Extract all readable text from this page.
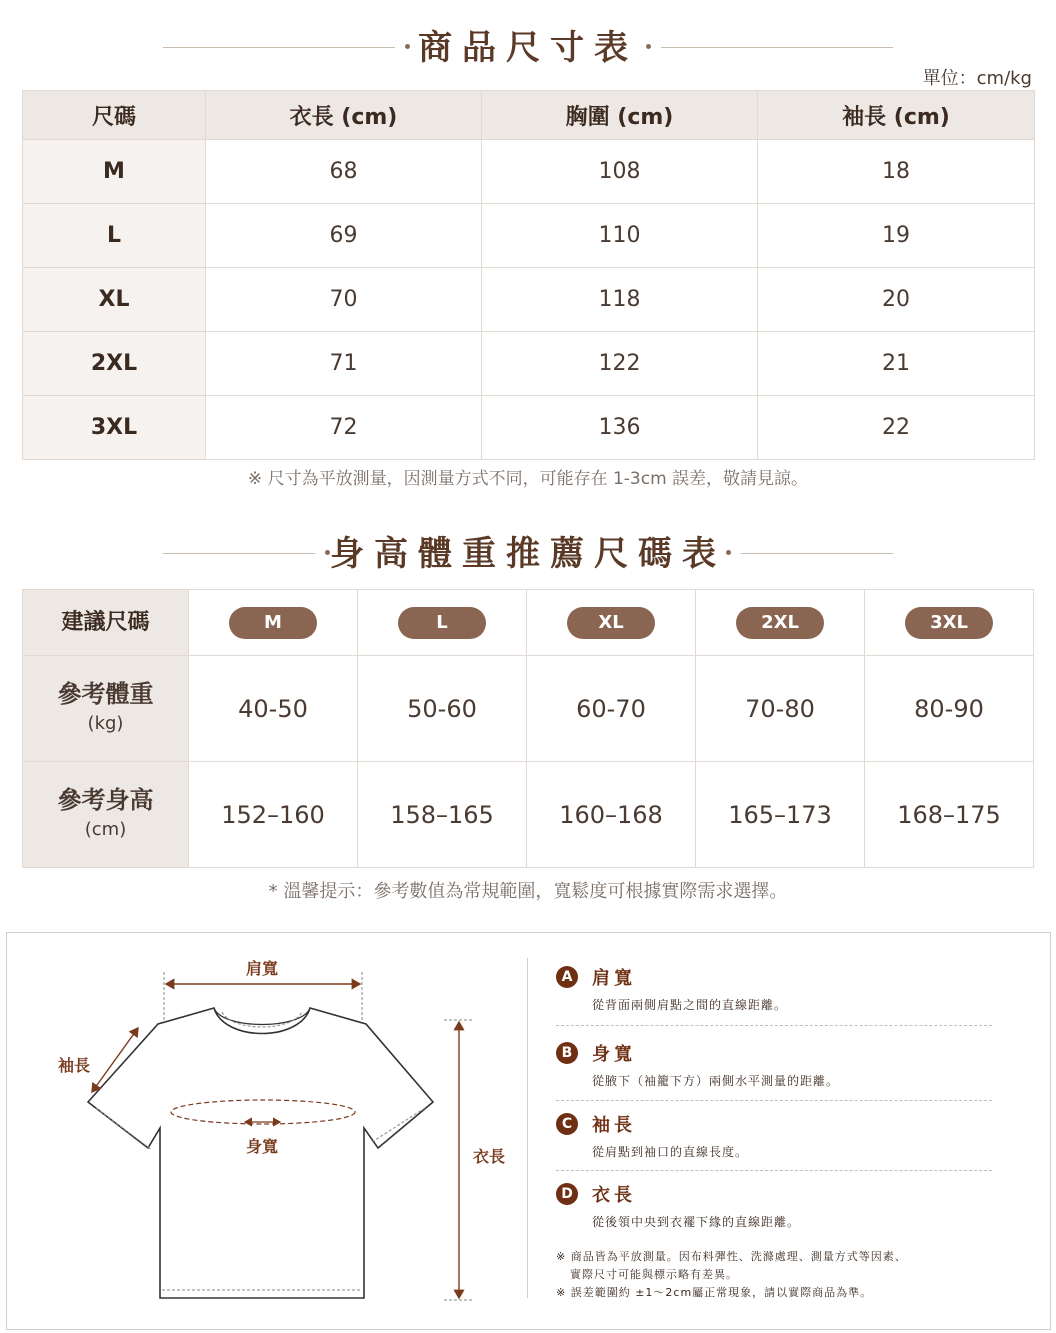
商品尺寸表
單位：cm/kg
尺碼	衣長 (cm)	胸圍 (cm)	袖長 (cm)
M	68	108	18
L	69	110	19
XL	70	118	20
2XL	71	122	21
3XL	72	136	22
※ 尺寸為平放測量，因測量方式不同，可能存在 1-3cm 誤差，敬請見諒。
身高體重推薦尺碼表
建議尺碼	M	L	XL	2XL	3XL

參考體重
(kg)	40-50	50-60	60-70	70-80	80-90

參考身高
(cm)	152–160	158–165	160–168	165–173	168–175
* 溫馨提示：參考數值為常規範圍，寬鬆度可根據實際需求選擇。
肩寬
袖長
身寬
衣長
A	肩寬
從背面兩側肩點之間的直線距離。
B	身寬
從腋下（袖籠下方）兩側水平測量的距離。
C	袖長
從肩點到袖口的直線長度。
D 衣長
從後領中央到衣襬下緣的直線距離。
※ 商品皆為平放測量。因布料彈性、洗滌處理、測量方式等因素、
實際尺寸可能與標示略有差異。
※ 誤差範圍約 ±1～2cm屬正常現象，請以實際商品為準。
